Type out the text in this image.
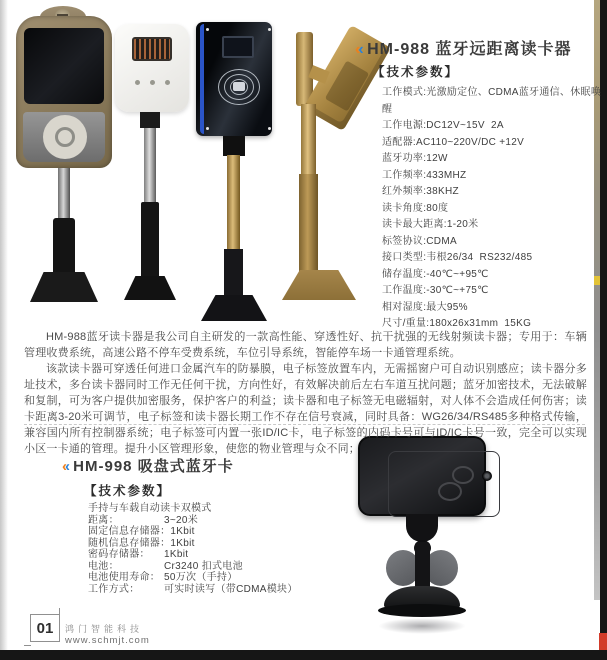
‹‹ HM-988 蓝牙远距离读卡器
【技术参数】
工作模式:光激励定位、CDMA蓝牙通信、休眠唤醒
工作电源:DC12V~15V  2A
适配器:AC110~220V/DC +12V
蓝牙功率:12W
工作频率:433MHZ
红外频率:38KHZ
读卡角度:80度
读卡最大距离:1-20米
标签协议:CDMA
接口类型:韦根26/34  RS232/485
储存温度:-40℃~+95℃
工作温度:-30℃~+75℃
相对湿度:最大95%
尺寸/重量:180x26x31mm  15KG

HM-988蓝牙读卡器是我公司自主研发的一款高性能、穿透性好、抗干扰强的无线射频读卡器；专用于：车辆管理收费系统，高速公路不停车受费系统，车位引导系统，智能停车场一卡通管理系统。

该款读卡器可穿透任何进口金属汽车的防暴膜，电子标签放置车内，无需摇窗户可自动识别感应；读卡器分多址技术，多台读卡器同时工作无任何干扰，方向性好，有效解决前后左右车道互扰问题；蓝牙加密技术，无法破解和复制，可为客户提供加密服务，保护客户的利益；读卡器和电子标签无电磁辐射，对人体不会造成任何伤害；读卡距离3-20米可调节，电子标签和读卡器长期工作不存在信号衰减，同时具备：WG26/34/RS485多种格式传输，兼容国内所有控制器系统；电子标签可内置一张ID/IC卡，电子标签的内码卡号可与ID/IC卡号一致，完全可以实现小区一卡通的管理。提升小区管理形象，使您的物业管理与众不同；

‹‹ HM-998 吸盘式蓝牙卡
【技术参数】
手持与车载自动读卡双模式
距离：	3~20米
固定信息存储器： 1Kbit
随机信息存储器： 1Kbit
密码存储器：	1Kbit
电池：	Cr3240 扣式电池
电池使用寿命： 50万次（手持）
工作方式：	可实时读写（带CDMA模块）
01	鸿门智能科技
www.schmjt.com
